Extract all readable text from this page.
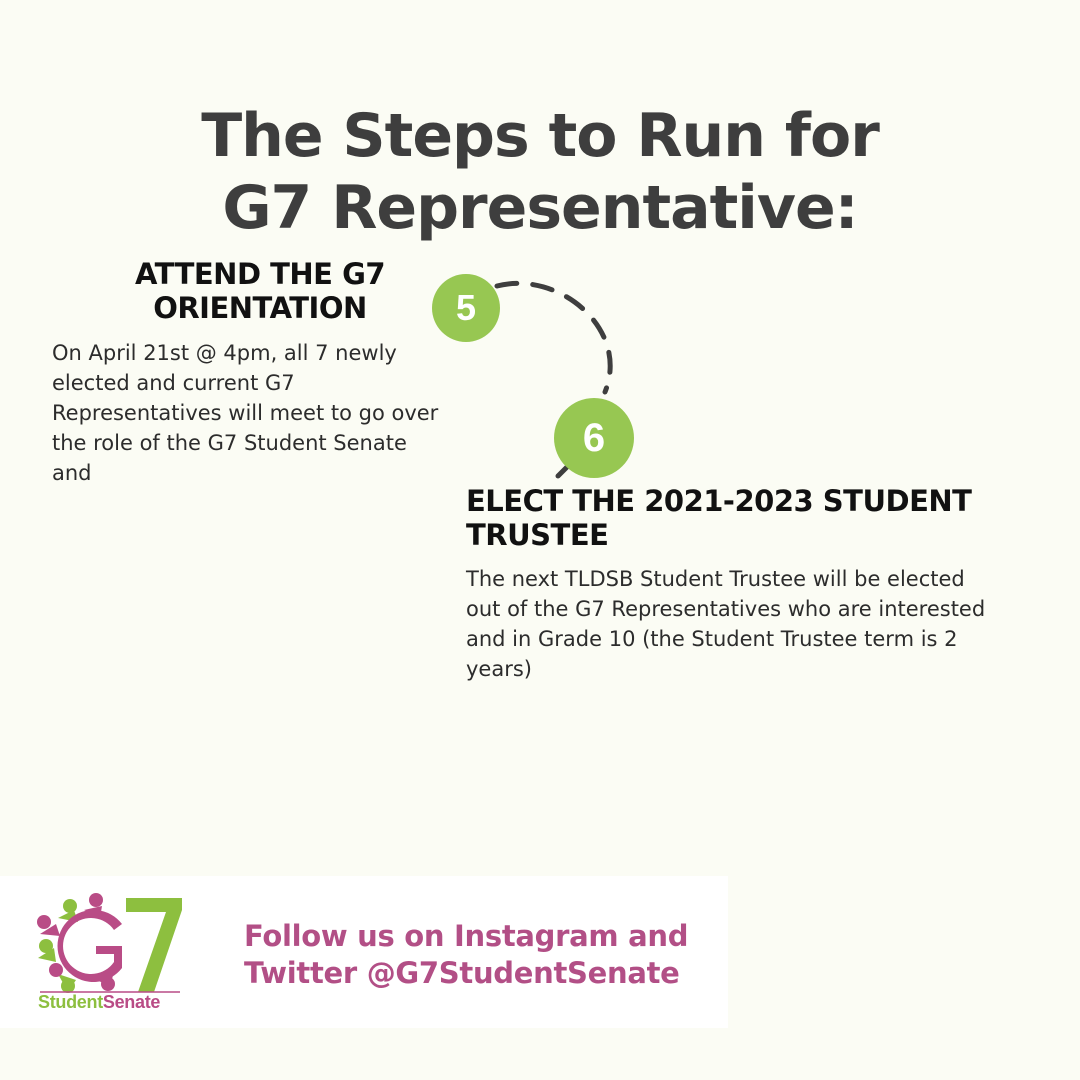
The Steps to Run for
G7 Representative:
5
6
ATTEND THE G7
ORIENTATION

On April 21st @ 4pm, all 7 newly elected and current G7 Representatives will meet to go over the role of the G7 Student Senate and

ELECT THE 2021-2023 STUDENT
TRUSTEE

The next TLDSB Student Trustee will be elected out of the G7 Representatives who are interested and in Grade 10 (the Student Trustee term is 2 years)

StudentSenate

Follow us on Instagram and
Twitter @G7StudentSenate
